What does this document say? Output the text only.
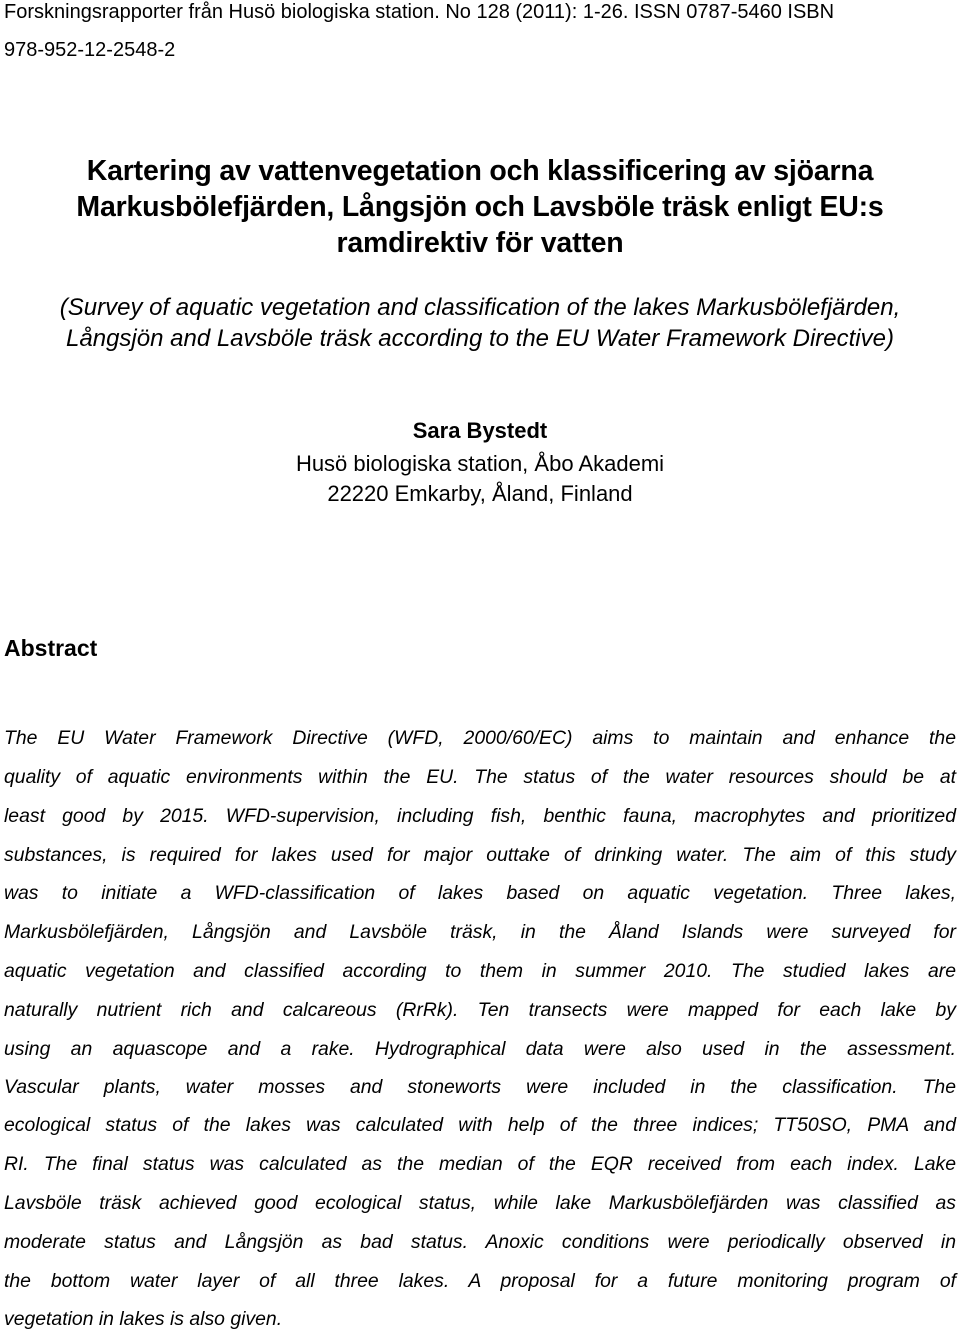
Forskningsrapporter från Husö biologiska station. No 128 (2011): 1-26. ISSN 0787-5460 ISBN
978-952-12-2548-2
Kartering av vattenvegetation och klassificering av sjöarna
Markusbölefjärden, Långsjön och Lavsböle träsk enligt EU:s
ramdirektiv för vatten
(Survey of aquatic vegetation and classification of the lakes Markusbölefjärden,
Långsjön and Lavsböle träsk according to the EU Water Framework Directive)
Sara Bystedt
Husö biologiska station, Åbo Akademi
22220 Emkarby, Åland, Finland
Abstract
The EU Water Framework Directive (WFD, 2000/60/EC) aims to maintain and enhance the
quality of aquatic environments within the EU. The status of the water resources should be at
least good by 2015. WFD-supervision, including fish, benthic fauna, macrophytes and prioritized
substances, is required for lakes used for major outtake of drinking water. The aim of this study
was to initiate a WFD-classification of lakes based on aquatic vegetation. Three lakes,
Markusbölefjärden, Långsjön and Lavsböle träsk, in the Åland Islands were surveyed for
aquatic vegetation and classified according to them in summer 2010. The studied lakes are
naturally nutrient rich and calcareous (RrRk). Ten transects were mapped for each lake by
using an aquascope and a rake. Hydrographical data were also used in the assessment.
Vascular plants, water mosses and stoneworts were included in the classification. The
ecological status of the lakes was calculated with help of the three indices; TT50SO, PMA and
RI. The final status was calculated as the median of the EQR received from each index. Lake
Lavsböle träsk achieved good ecological status, while lake Markusbölefjärden was classified as
moderate status and Långsjön as bad status. Anoxic conditions were periodically observed in
the bottom water layer of all three lakes. A proposal for a future monitoring program of
vegetation in lakes is also given.
